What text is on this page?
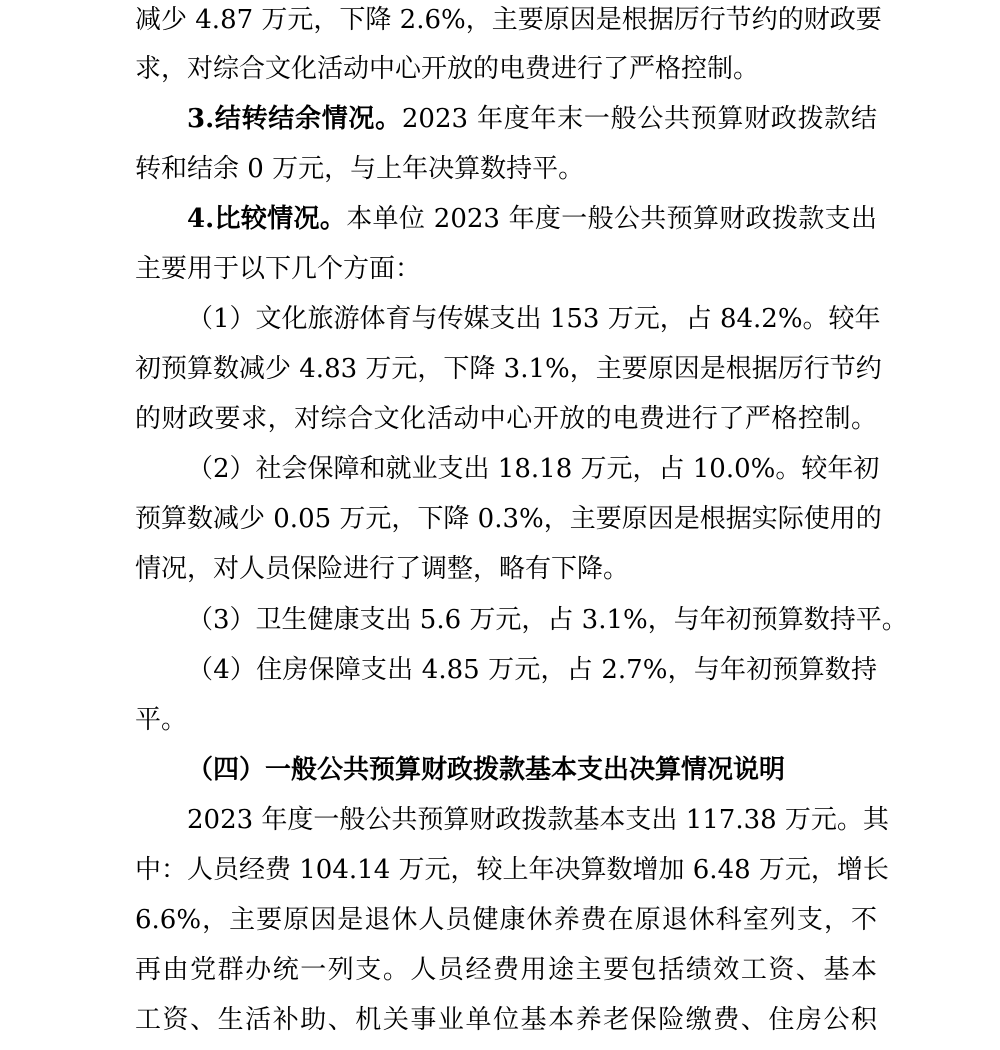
减少 4.87 万元，下降 2.6%，主要原因是根据厉行节约的财政要
求，对综合文化活动中心开放的电费进行了严格控制。
3.结转结余情况。2023 年度年末一般公共预算财政拨款结
转和结余 0 万元，与上年决算数持平。
4.比较情况。本单位 2023 年度一般公共预算财政拨款支出
主要用于以下几个方面：
（1）文化旅游体育与传媒支出 153 万元，占 84.2%。较年
初预算数减少 4.83 万元，下降 3.1%，主要原因是根据厉行节约
的财政要求，对综合文化活动中心开放的电费进行了严格控制。
（2）社会保障和就业支出 18.18 万元，占 10.0%。较年初
预算数减少 0.05 万元，下降 0.3%，主要原因是根据实际使用的
情况，对人员保险进行了调整，略有下降。
（3）卫生健康支出 5.6 万元，占 3.1%，与年初预算数持平。
（4）住房保障支出 4.85 万元，占 2.7%，与年初预算数持
平。
（四）一般公共预算财政拨款基本支出决算情况说明
2023 年度一般公共预算财政拨款基本支出 117.38 万元。其
中：人员经费 104.14 万元，较上年决算数增加 6.48 万元，增长
6.6%，主要原因是退休人员健康休养费在原退休科室列支，不
再由党群办统一列支。人员经费用途主要包括绩效工资、基本
工资、生活补助、机关事业单位基本养老保险缴费、住房公积
